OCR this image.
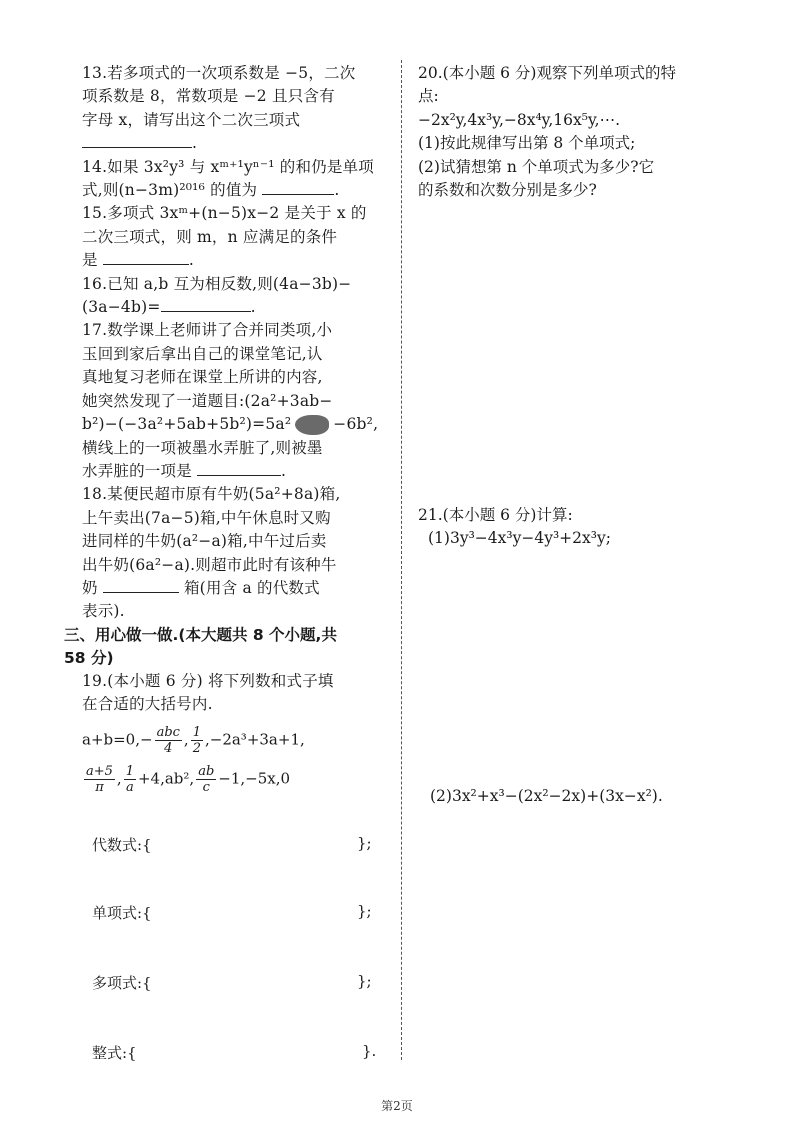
13.若多项式的一次项系数是 −5，二次
项系数是 8，常数项是 −2 且只含有
字母 x，请写出这个二次三项式
.
14.如果 3x²y³ 与 xᵐ⁺¹yⁿ⁻¹ 的和仍是单项
式,则(n−3m)²⁰¹⁶ 的值为	.
15.多项式 3xᵐ+(n−5)x−2 是关于 x 的
二次三项式，则 m，n 应满足的条件
是	.
16.已知 a,b 互为相反数,则(4a−3b)−
(3a−4b)=	.
17.数学课上老师讲了合并同类项,小
玉回到家后拿出自己的课堂笔记,认
真地复习老师在课堂上所讲的内容,
她突然发现了一道题目:(2a²+3ab−
b²)−(−3a²+5ab+5b²)=5a²	−6b²,
横线上的一项被墨水弄脏了,则被墨
水弄脏的一项是	.
18.某便民超市原有牛奶(5a²+8a)箱,
上午卖出(7a−5)箱,中午休息时又购
进同样的牛奶(a²−a)箱,中午过后卖
出牛奶(6a²−a).则超市此时有该种牛
奶	箱(用含 a 的代数式
表示).
三、用心做一做.(本大题共 8 个小题,共
58 分)
19.(本小题 6 分) 将下列数和式子填
在合适的大括号内.
$a+b=0,- \frac{\text{abc}}{4}$ , $\frac{1}{2} ,-2a^3+3a+1$,
$\frac{a+5}{\pi}$ , $\frac{1}{a} +4,ab^2$, $\frac{ab}{c} -1,-5x,0$
代数式:{	};
单项式:{	};
多项式:{	};
整式:{	}.
20.(本小题 6 分)观察下列单项式的特
点:
−2x²y,4x³y,−8x⁴y,16x⁵y,⋯.
(1)按此规律写出第 8 个单项式;
(2)试猜想第 n 个单项式为多少?它
的系数和次数分别是多少?
21.(本小题 6 分)计算:
(1)3y³−4x³y−4y³+2x³y;
(2)3x²+x³−(2x²−2x)+(3x−x²).
第2页
